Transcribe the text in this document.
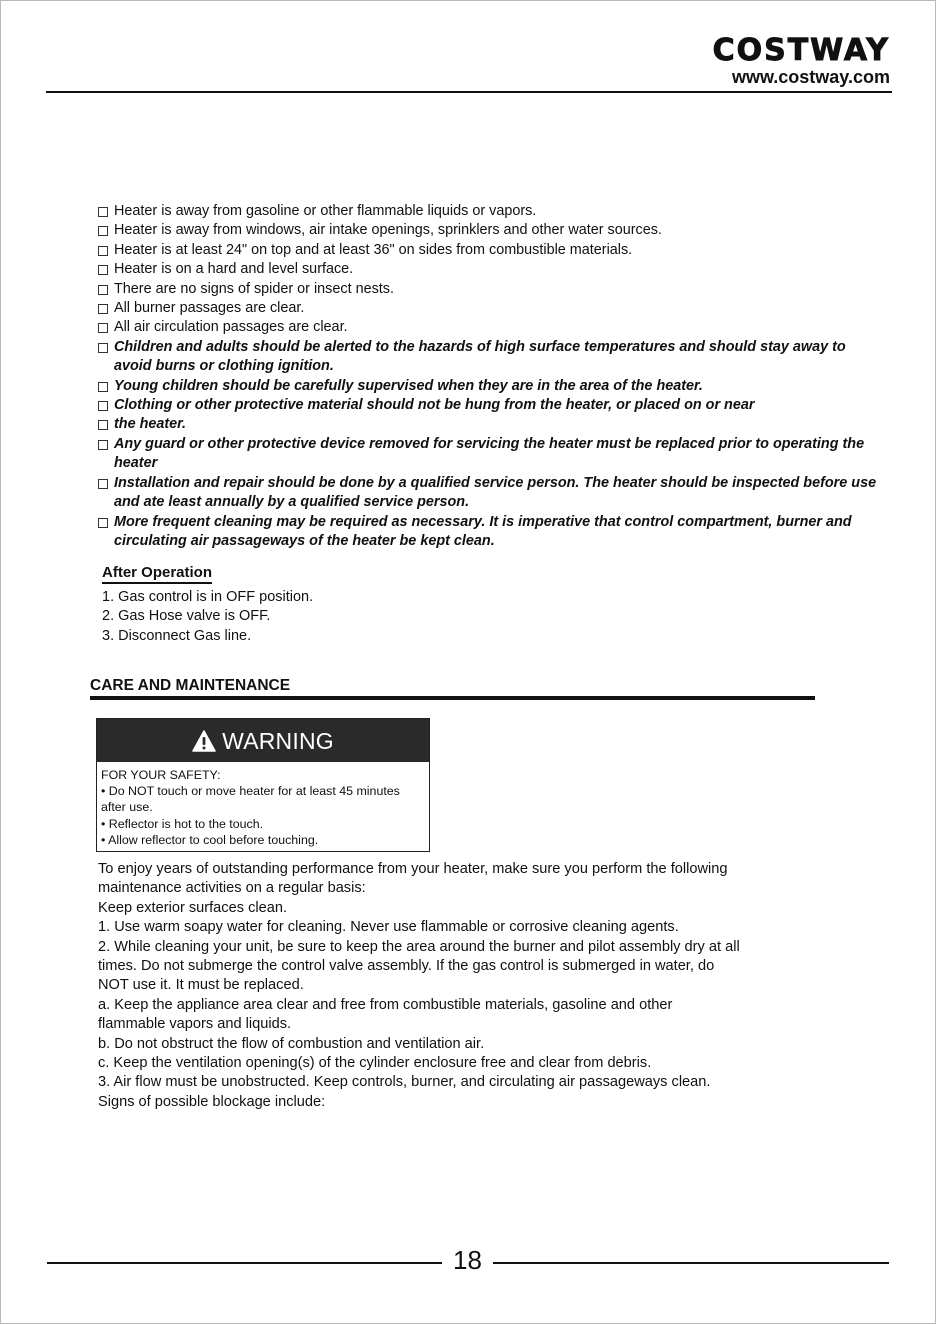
COSTWAY
www.costway.com
Heater is away from gasoline or other flammable liquids or vapors.
Heater is away from windows, air intake openings, sprinklers and other water sources.
Heater is at least 24" on top and at least 36" on sides from combustible materials.
Heater is on a hard and level surface.
There are no signs of spider or insect nests.
All burner passages are clear.
All air circulation passages are clear.
Children and adults should be alerted to the hazards of high surface temperatures and should stay away to avoid burns or clothing ignition.
Young children should be carefully supervised when they are in the area of the heater.
Clothing or other protective material should not be hung from the heater, or placed on or near
the heater.
Any guard or other protective device removed for servicing the heater must be replaced prior to operating the heater
Installation and repair should be done by a qualified service person. The heater should be inspected before use and ate least annually by a qualified service person.
More frequent cleaning may be required as necessary. It is imperative that control compartment, burner and circulating air passageways of the heater be kept clean.
After Operation
1. Gas control is in OFF position.
2. Gas Hose valve is OFF.
3. Disconnect Gas line.
CARE AND MAINTENANCE
WARNING
FOR YOUR SAFETY:
• Do NOT touch or move heater for at least 45 minutes
after use.
• Reflector is hot to the touch.
• Allow reflector to cool before touching.

To enjoy years of outstanding performance from your heater, make sure you perform the following

maintenance activities on a regular basis:

Keep exterior surfaces clean.

1. Use warm soapy water for cleaning. Never use flammable or corrosive cleaning agents.

2. While cleaning your unit, be sure to keep the area around the burner and pilot assembly dry at all

times. Do not submerge the control valve assembly. If the gas control is submerged in water, do

NOT use it. It must be replaced.

a. Keep the appliance area clear and free from combustible materials, gasoline and other

flammable vapors and liquids.

b. Do not obstruct the flow of combustion and ventilation air.

c. Keep the ventilation opening(s) of the cylinder enclosure free and clear from debris.

3. Air flow must be unobstructed. Keep controls, burner, and circulating air passageways clean.

Signs of possible blockage include:

18
